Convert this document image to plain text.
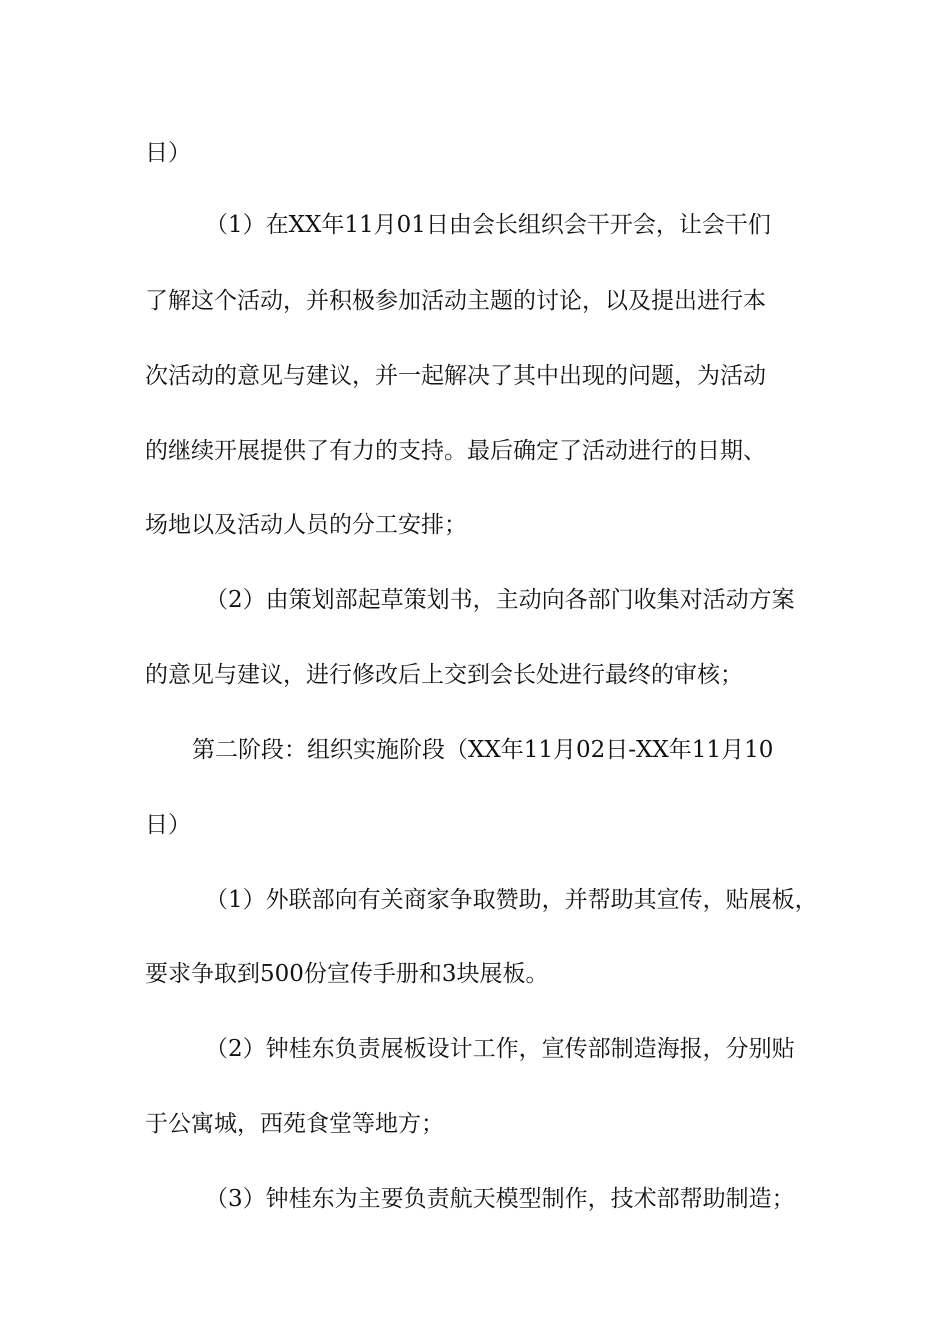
日）
（1）在XX年11月01日由会长组织会干开会，让会干们
了解这个活动，并积极参加活动主题的讨论，以及提出进行本
次活动的意见与建议，并一起解决了其中出现的问题，为活动
的继续开展提供了有力的支持。最后确定了活动进行的日期、
场地以及活动人员的分工安排；
（2）由策划部起草策划书，主动向各部门收集对活动方案
的意见与建议，进行修改后上交到会长处进行最终的审核；
第二阶段：组织实施阶段（XX年11月02日-XX年11月10
日）
（1）外联部向有关商家争取赞助，并帮助其宣传，贴展板，
要求争取到500份宣传手册和3块展板。
（2）钟桂东负责展板设计工作，宣传部制造海报，分别贴
于公寓城，西苑食堂等地方；
（3）钟桂东为主要负责航天模型制作，技术部帮助制造；
